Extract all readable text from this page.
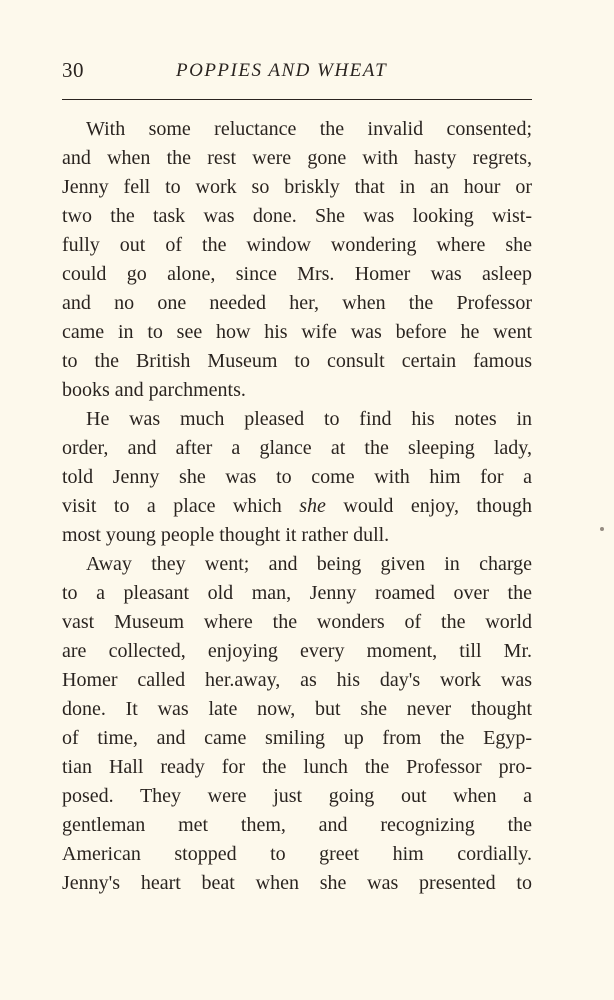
30	POPPIES AND WHEAT
With some reluctance the invalid consented;
and when the rest were gone with hasty regrets,
Jenny fell to work so briskly that in an hour or
two the task was done. She was looking wist-
fully out of the window wondering where she
could go alone, since Mrs. Homer was asleep
and no one needed her, when the Professor
came in to see how his wife was before he went
to the British Museum to consult certain famous
books and parchments.
He was much pleased to find his notes in
order, and after a glance at the sleeping lady,
told Jenny she was to come with him for a
visit to a place which she would enjoy, though
most young people thought it rather dull.
Away they went; and being given in charge
to a pleasant old man, Jenny roamed over the
vast Museum where the wonders of the world
are collected, enjoying every moment, till Mr.
Homer called her.away, as his day's work was
done. It was late now, but she never thought
of time, and came smiling up from the Egyp-
tian Hall ready for the lunch the Professor pro-
posed. They were just going out when a
gentleman met them, and recognizing the
American stopped to greet him cordially.
Jenny's heart beat when she was presented to
